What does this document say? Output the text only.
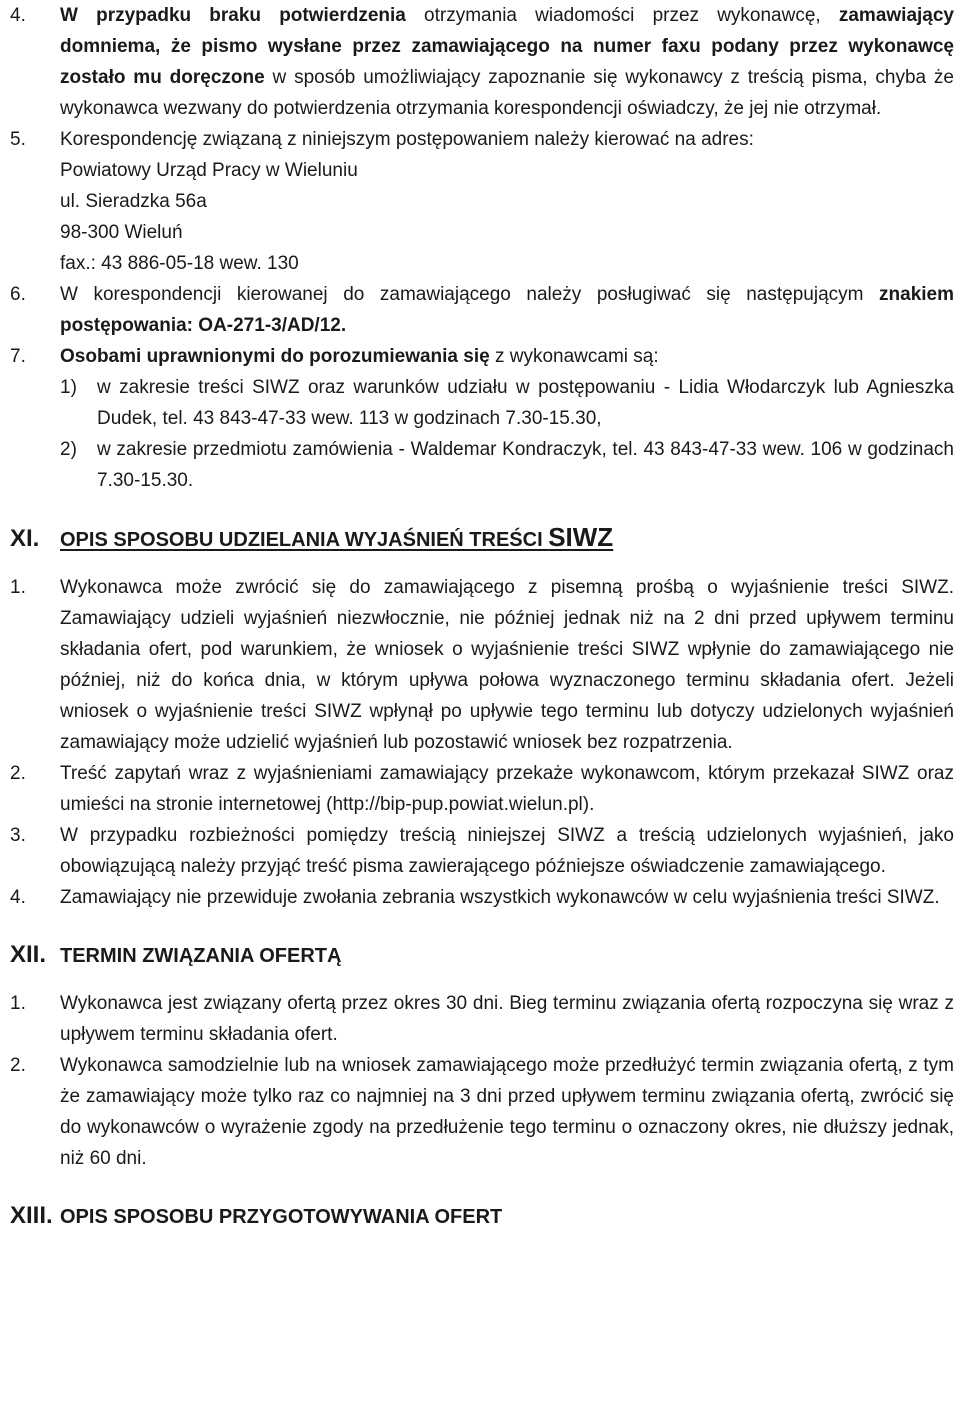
4.	W przypadku braku potwierdzenia otrzymania wiadomości przez wykonawcę, zamawiający domniema, że pismo wysłane przez zamawiającego na numer faxu podany przez wykonawcę zostało mu doręczone w sposób umożliwiający zapoznanie się wykonawcy z treścią pisma, chyba że wykonawca wezwany do potwierdzenia otrzymania korespondencji oświadczy, że jej nie otrzymał.
5.	Korespondencję związaną z niniejszym postępowaniem należy kierować na adres:
Powiatowy Urząd Pracy w Wieluniu
ul. Sieradzka 56a
98-300 Wieluń
fax.: 43 886-05-18 wew. 130
6.	W korespondencji kierowanej do zamawiającego należy posługiwać się następującym znakiem postępowania: OA-271-3/AD/12.
7.	Osobami uprawnionymi do porozumiewania się z wykonawcami są:
1)	w zakresie treści SIWZ oraz warunków udziału w postępowaniu - Lidia Włodarczyk lub Agnieszka Dudek, tel. 43 843-47-33 wew. 113 w godzinach 7.30-15.30,
2)	w zakresie przedmiotu zamówienia - Waldemar Kondraczyk, tel. 43 843-47-33 wew. 106 w godzinach 7.30-15.30.
XI.	OPIS SPOSOBU UDZIELANIA WYJAŚNIEŃ TREŚCI SIWZ
1.	Wykonawca może zwrócić się do zamawiającego z pisemną prośbą o wyjaśnienie treści SIWZ. Zamawiający udzieli wyjaśnień niezwłocznie, nie później jednak niż na 2 dni przed upływem terminu składania ofert, pod warunkiem, że wniosek o wyjaśnienie treści SIWZ wpłynie do zamawiającego nie później, niż do końca dnia, w którym upływa połowa wyznaczonego terminu składania ofert. Jeżeli wniosek o wyjaśnienie treści SIWZ wpłynął po upływie tego terminu lub dotyczy udzielonych wyjaśnień zamawiający może udzielić wyjaśnień lub pozostawić wniosek bez rozpatrzenia.
2.	Treść zapytań wraz z wyjaśnieniami zamawiający przekaże wykonawcom, którym przekazał SIWZ oraz umieści na stronie internetowej (http://bip-pup.powiat.wielun.pl).
3.	W przypadku rozbieżności pomiędzy treścią niniejszej SIWZ a treścią udzielonych wyjaśnień, jako obowiązującą należy przyjąć treść pisma zawierającego późniejsze oświadczenie zamawiającego.
4.	Zamawiający nie przewiduje zwołania zebrania wszystkich wykonawców w celu wyjaśnienia treści SIWZ.
XII. TERMIN ZWIĄZANIA OFERTĄ
1.	Wykonawca jest związany ofertą przez okres 30 dni. Bieg terminu związania ofertą rozpoczyna się wraz z upływem terminu składania ofert.
2.	Wykonawca samodzielnie lub na wniosek zamawiającego może przedłużyć termin związania ofertą, z tym że zamawiający może tylko raz co najmniej na 3 dni przed upływem terminu związania ofertą, zwrócić się do wykonawców o wyrażenie zgody na przedłużenie tego terminu o oznaczony okres, nie dłuższy jednak, niż 60 dni.
XIII. OPIS SPOSOBU PRZYGOTOWYWANIA OFERT
